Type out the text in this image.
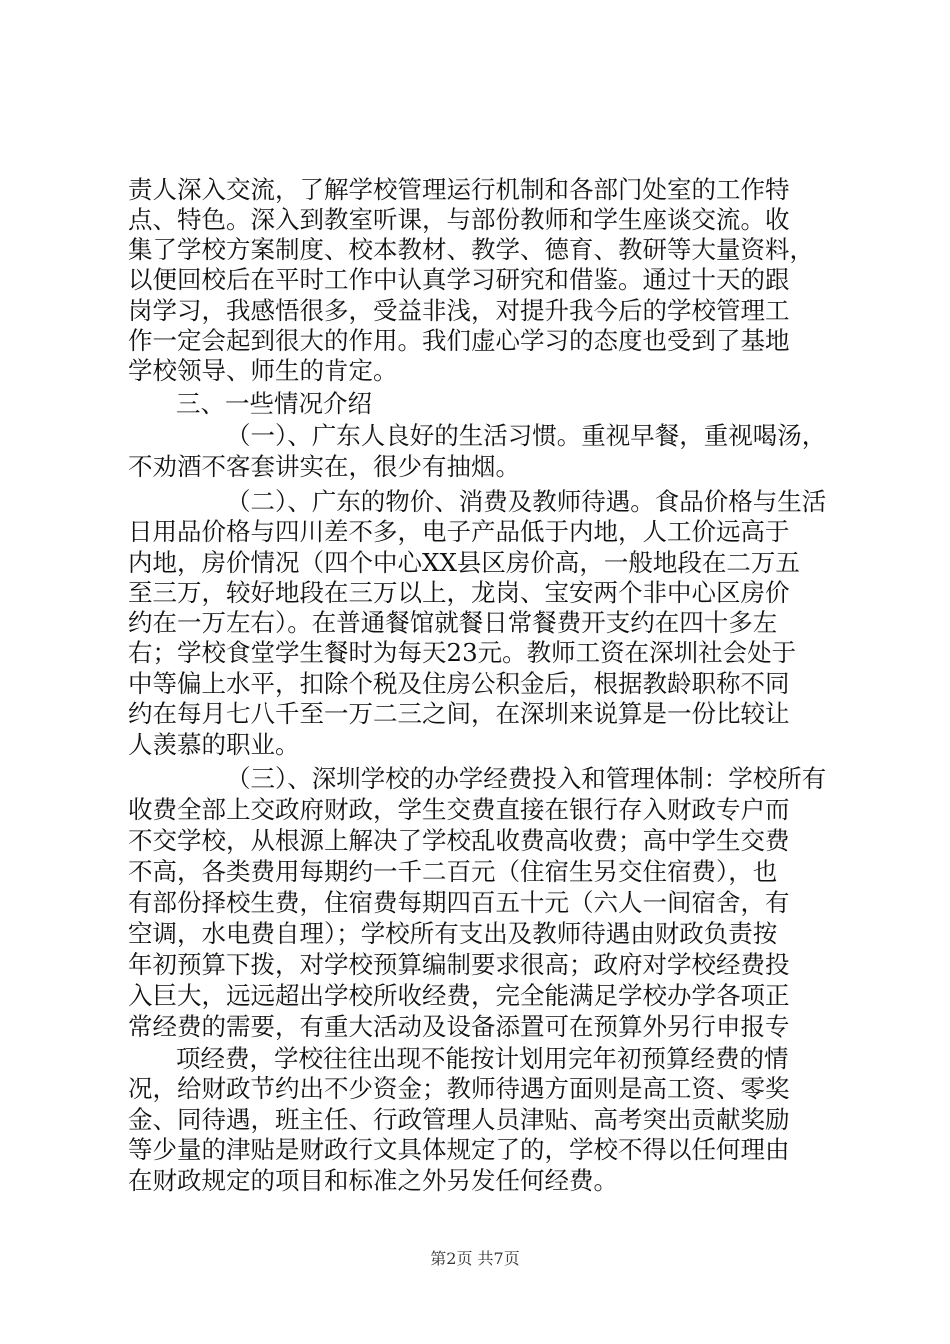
责人深入交流，了解学校管理运行机制和各部门处室的工作特
点、特色。深入到教室听课，与部份教师和学生座谈交流。收
集了学校方案制度、校本教材、教学、德育、教研等大量资料，
以便回校后在平时工作中认真学习研究和借鉴。通过十天的跟
岗学习，我感悟很多，受益非浅，对提升我今后的学校管理工
作一定会起到很大的作用。我们虚心学习的态度也受到了基地
学校领导、师生的肯定。
三、一些情况介绍
（一）、广东人良好的生活习惯。重视早餐，重视喝汤，
不劝酒不客套讲实在，很少有抽烟。
（二）、广东的物价、消费及教师待遇。食品价格与生活
日用品价格与四川差不多，电子产品低于内地，人工价远高于
内地，房价情况（四个中心XX县区房价高，一般地段在二万五
至三万，较好地段在三万以上，龙岗、宝安两个非中心区房价
约在一万左右）。在普通餐馆就餐日常餐费开支约在四十多左
右；学校食堂学生餐时为每天23元。教师工资在深圳社会处于
中等偏上水平，扣除个税及住房公积金后，根据教龄职称不同
约在每月七八千至一万二三之间，在深圳来说算是一份比较让
人羡慕的职业。
（三）、深圳学校的办学经费投入和管理体制：学校所有
收费全部上交政府财政，学生交费直接在银行存入财政专户而
不交学校，从根源上解决了学校乱收费高收费；高中学生交费
不高，各类费用每期约一千二百元（住宿生另交住宿费），也
有部份择校生费，住宿费每期四百五十元（六人一间宿舍，有
空调，水电费自理）；学校所有支出及教师待遇由财政负责按
年初预算下拨，对学校预算编制要求很高；政府对学校经费投
入巨大，远远超出学校所收经费，完全能满足学校办学各项正
常经费的需要，有重大活动及设备添置可在预算外另行申报专
项经费，学校往往出现不能按计划用完年初预算经费的情
况，给财政节约出不少资金；教师待遇方面则是高工资、零奖
金、同待遇，班主任、行政管理人员津贴、高考突出贡献奖励
等少量的津贴是财政行文具体规定了的，学校不得以任何理由
在财政规定的项目和标准之外另发任何经费。
第2页 共7页
